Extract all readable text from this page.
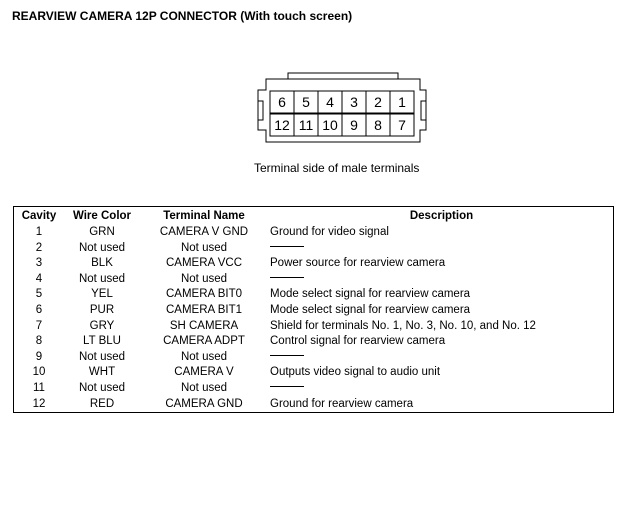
REARVIEW CAMERA 12P CONNECTOR (With touch screen)
6 5 4 3 2 1
12 11 10 9 8 7
Terminal side of male terminals
Cavity	Wire Color	Terminal Name	Description
1	GRN	CAMERA V GND	Ground for video signal
2	Not used	Not used	
3	BLK	CAMERA VCC	Power source for rearview camera
4	Not used	Not used	
5	YEL	CAMERA BIT0	Mode select signal for rearview camera
6	PUR	CAMERA BIT1	Mode select signal for rearview camera
7	GRY	SH CAMERA	Shield for terminals No. 1, No. 3, No. 10, and No. 12
8	LT BLU	CAMERA ADPT	Control signal for rearview camera
9	Not used	Not used	
10	WHT	CAMERA V	Outputs video signal to audio unit
11	Not used	Not used	
12	RED	CAMERA GND	Ground for rearview camera
